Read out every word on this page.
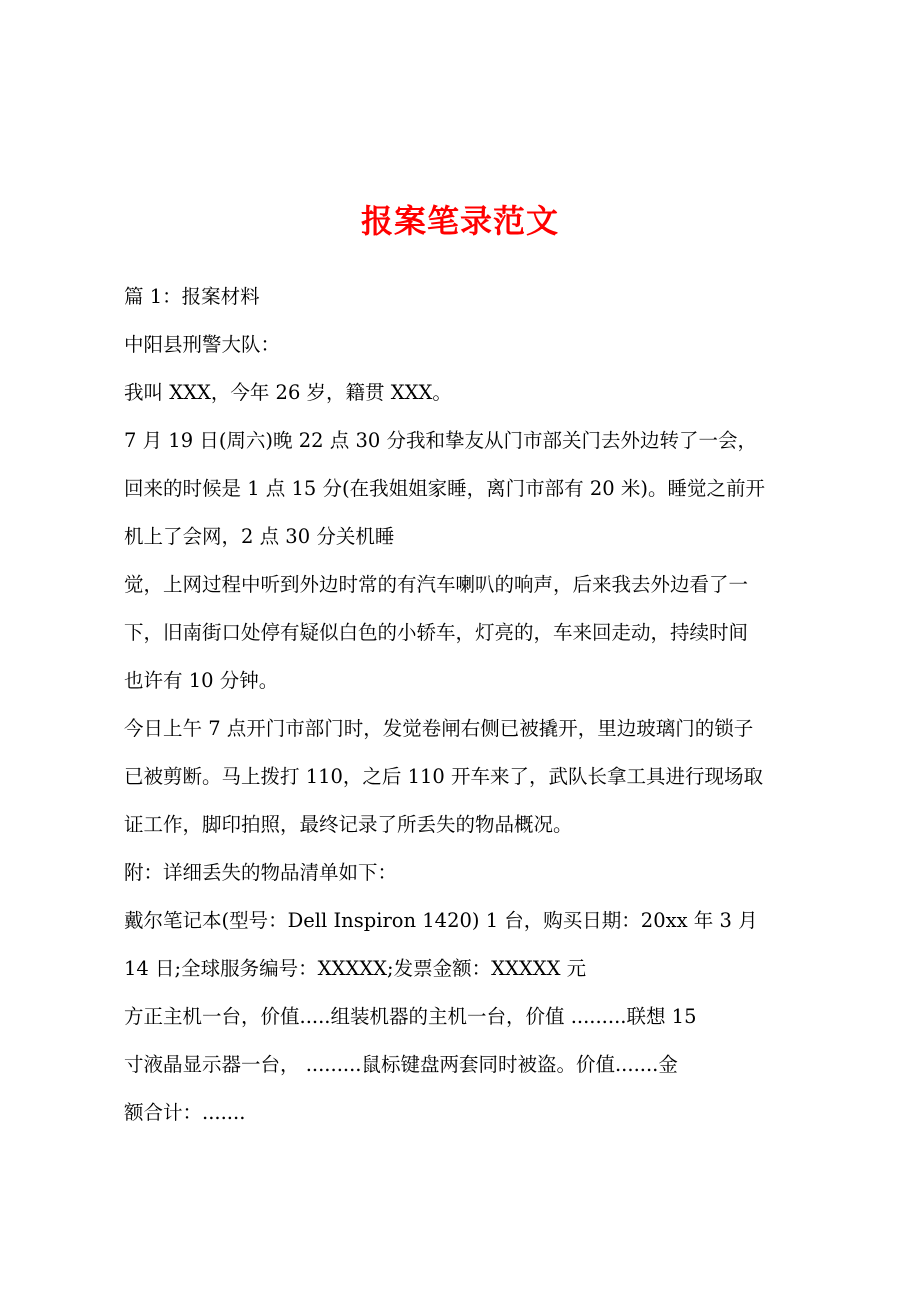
报案笔录范文
篇 1：报案材料
中阳县刑警大队：
我叫 XXX，今年 26 岁，籍贯 XXX。
7 月 19 日(周六)晚 22 点 30 分我和挚友从门市部关门去外边转了一会，
回来的时候是 1 点 15 分(在我姐姐家睡，离门市部有 20 米)。睡觉之前开
机上了会网，2 点 30 分关机睡
觉，上网过程中听到外边时常的有汽车喇叭的响声，后来我去外边看了一
下，旧南街口处停有疑似白色的小轿车，灯亮的，车来回走动，持续时间
也许有 10 分钟。
今日上午 7 点开门市部门时，发觉卷闸右侧已被撬开，里边玻璃门的锁子
已被剪断。马上拨打 110，之后 110 开车来了，武队长拿工具进行现场取
证工作，脚印拍照，最终记录了所丢失的物品概况。
附：详细丢失的物品清单如下：
戴尔笔记本(型号：Dell Inspiron 1420) 1 台，购买日期：20xx 年 3 月
14 日;全球服务编号：XXXXX;发票金额：XXXXX 元
方正主机一台，价值.....组装机器的主机一台，价值 .........联想 15
寸液晶显示器一台， .........鼠标键盘两套同时被盗。价值.......金
额合计：.......
